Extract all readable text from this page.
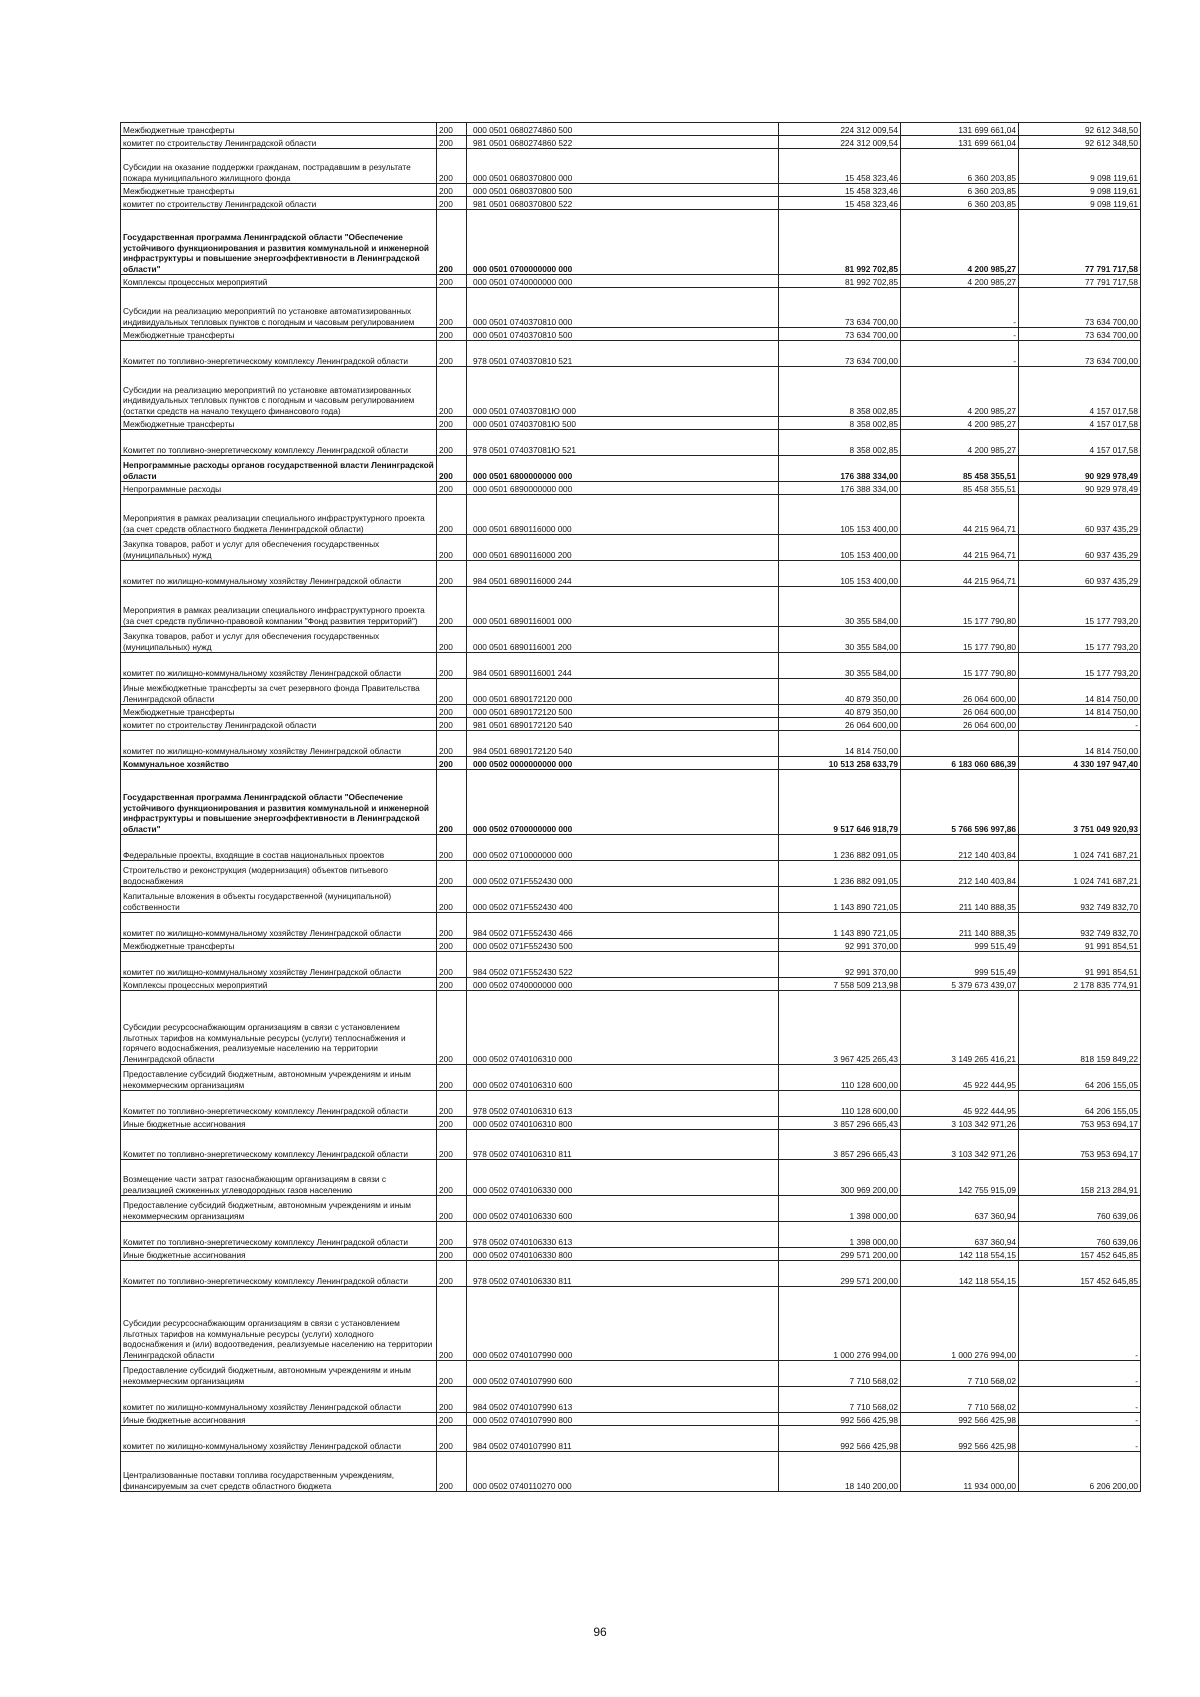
Межбюджетные трансферты	200	000 0501 0680274860 500	224 312 009,54	131 699 661,04	92 612 348,50
комитет по строительству Ленинградской области	200	981 0501 0680274860 522	224 312 009,54	131 699 661,04	92 612 348,50
Субсидии на оказание поддержки гражданам, пострадавшим в результате пожара муниципального жилищного фонда	200	000 0501 0680370800 000	15 458 323,46	6 360 203,85	9 098 119,61
Межбюджетные трансферты	200	000 0501 0680370800 500	15 458 323,46	6 360 203,85	9 098 119,61
комитет по строительству Ленинградской области	200	981 0501 0680370800 522	15 458 323,46	6 360 203,85	9 098 119,61
Государственная программа Ленинградской области "Обеспечение устойчивого функционирования и развития коммунальной и инженерной инфраструктуры и повышение энергоэффективности в Ленинградской области"	200	000 0501 0700000000 000	81 992 702,85	4 200 985,27	77 791 717,58
Комплексы процессных мероприятий	200	000 0501 0740000000 000	81 992 702,85	4 200 985,27	77 791 717,58
Субсидии на реализацию мероприятий по установке автоматизированных индивидуальных тепловых пунктов с погодным и часовым регулированием	200	000 0501 0740370810 000	73 634 700,00	-	73 634 700,00
Межбюджетные трансферты	200	000 0501 0740370810 500	73 634 700,00	-	73 634 700,00
Комитет по топливно-энергетическому комплексу Ленинградской области	200	978 0501 0740370810 521	73 634 700,00	-	73 634 700,00
Субсидии на реализацию мероприятий по установке автоматизированных индивидуальных тепловых пунктов с погодным и часовым регулированием (остатки средств на начало текущего финансового года)	200	000 0501 074037081Ю 000	8 358 002,85	4 200 985,27	4 157 017,58
Межбюджетные трансферты	200	000 0501 074037081Ю 500	8 358 002,85	4 200 985,27	4 157 017,58
Комитет по топливно-энергетическому комплексу Ленинградской области	200	978 0501 074037081Ю 521	8 358 002,85	4 200 985,27	4 157 017,58
Непрограммные расходы органов государственной власти Ленинградской области	200	000 0501 6800000000 000	176 388 334,00	85 458 355,51	90 929 978,49
Непрограммные расходы	200	000 0501 6890000000 000	176 388 334,00	85 458 355,51	90 929 978,49
Мероприятия в рамках реализации специального инфраструктурного проекта (за счет средств областного бюджета Ленинградской области)	200	000 0501 6890116000 000	105 153 400,00	44 215 964,71	60 937 435,29
Закупка товаров, работ и услуг для обеспечения государственных (муниципальных) нужд	200	000 0501 6890116000 200	105 153 400,00	44 215 964,71	60 937 435,29
комитет по жилищно-коммунальному хозяйству Ленинградской области	200	984 0501 6890116000 244	105 153 400,00	44 215 964,71	60 937 435,29
Мероприятия в рамках реализации специального инфраструктурного проекта (за счет средств публично-правовой компании "Фонд развития территорий")	200	000 0501 6890116001 000	30 355 584,00	15 177 790,80	15 177 793,20
Закупка товаров, работ и услуг для обеспечения государственных (муниципальных) нужд	200	000 0501 6890116001 200	30 355 584,00	15 177 790,80	15 177 793,20
комитет по жилищно-коммунальному хозяйству Ленинградской области	200	984 0501 6890116001 244	30 355 584,00	15 177 790,80	15 177 793,20
Иные межбюджетные трансферты за счет резервного фонда Правительства Ленинградской области	200	000 0501 6890172120 000	40 879 350,00	26 064 600,00	14 814 750,00
Межбюджетные трансферты	200	000 0501 6890172120 500	40 879 350,00	26 064 600,00	14 814 750,00
комитет по строительству Ленинградской области	200	981 0501 6890172120 540	26 064 600,00	26 064 600,00	-
комитет по жилищно-коммунальному хозяйству Ленинградской области	200	984 0501 6890172120 540	14 814 750,00		14 814 750,00
Коммунальное хозяйство	200	000 0502 0000000000 000	10 513 258 633,79	6 183 060 686,39	4 330 197 947,40
Государственная программа Ленинградской области "Обеспечение устойчивого функционирования и развития коммунальной и инженерной инфраструктуры и повышение энергоэффективности в Ленинградской области"	200	000 0502 0700000000 000	9 517 646 918,79	5 766 596 997,86	3 751 049 920,93
Федеральные проекты, входящие в состав национальных проектов	200	000 0502 0710000000 000	1 236 882 091,05	212 140 403,84	1 024 741 687,21
Строительство и реконструкция (модернизация) объектов питьевого водоснабжения	200	000 0502 071F552430 000	1 236 882 091,05	212 140 403,84	1 024 741 687,21
Капитальные вложения в объекты государственной (муниципальной) собственности	200	000 0502 071F552430 400	1 143 890 721,05	211 140 888,35	932 749 832,70
комитет по жилищно-коммунальному хозяйству Ленинградской области	200	984 0502 071F552430 466	1 143 890 721,05	211 140 888,35	932 749 832,70
Межбюджетные трансферты	200	000 0502 071F552430 500	92 991 370,00	999 515,49	91 991 854,51
комитет по жилищно-коммунальному хозяйству Ленинградской области	200	984 0502 071F552430 522	92 991 370,00	999 515,49	91 991 854,51
Комплексы процессных мероприятий	200	000 0502 0740000000 000	7 558 509 213,98	5 379 673 439,07	2 178 835 774,91
Субсидии ресурсоснабжающим организациям в связи с установлением льготных тарифов на коммунальные ресурсы (услуги) теплоснабжения и горячего водоснабжения, реализуемые населению на территории Ленинградской области	200	000 0502 0740106310 000	3 967 425 265,43	3 149 265 416,21	818 159 849,22
Предоставление субсидий бюджетным, автономным учреждениям и иным некоммерческим организациям	200	000 0502 0740106310 600	110 128 600,00	45 922 444,95	64 206 155,05
Комитет по топливно-энергетическому комплексу Ленинградской области	200	978 0502 0740106310 613	110 128 600,00	45 922 444,95	64 206 155,05
Иные бюджетные ассигнования	200	000 0502 0740106310 800	3 857 296 665,43	3 103 342 971,26	753 953 694,17
Комитет по топливно-энергетическому комплексу Ленинградской области	200	978 0502 0740106310 811	3 857 296 665,43	3 103 342 971,26	753 953 694,17
Возмещение части затрат газоснабжающим организациям в связи с реализацией сжиженных углеводородных газов населению	200	000 0502 0740106330 000	300 969 200,00	142 755 915,09	158 213 284,91
Предоставление субсидий бюджетным, автономным учреждениям и иным некоммерческим организациям	200	000 0502 0740106330 600	1 398 000,00	637 360,94	760 639,06
Комитет по топливно-энергетическому комплексу Ленинградской области	200	978 0502 0740106330 613	1 398 000,00	637 360,94	760 639,06
Иные бюджетные ассигнования	200	000 0502 0740106330 800	299 571 200,00	142 118 554,15	157 452 645,85
Комитет по топливно-энергетическому комплексу Ленинградской области	200	978 0502 0740106330 811	299 571 200,00	142 118 554,15	157 452 645,85
Субсидии ресурсоснабжающим организациям в связи с установлением льготных тарифов на коммунальные ресурсы (услуги) холодного водоснабжения и (или) водоотведения, реализуемые населению на территории Ленинградской области	200	000 0502 0740107990 000	1 000 276 994,00	1 000 276 994,00	-
Предоставление субсидий бюджетным, автономным учреждениям и иным некоммерческим организациям	200	000 0502 0740107990 600	7 710 568,02	7 710 568,02	-
комитет по жилищно-коммунальному хозяйству Ленинградской области	200	984 0502 0740107990 613	7 710 568,02	7 710 568,02	-
Иные бюджетные ассигнования	200	000 0502 0740107990 800	992 566 425,98	992 566 425,98	-
комитет по жилищно-коммунальному хозяйству Ленинградской области	200	984 0502 0740107990 811	992 566 425,98	992 566 425,98	-
Централизованные поставки топлива государственным учреждениям, финансируемым за счет средств областного бюджета	200	000 0502 0740110270 000	18 140 200,00	11 934 000,00	6 206 200,00
96
